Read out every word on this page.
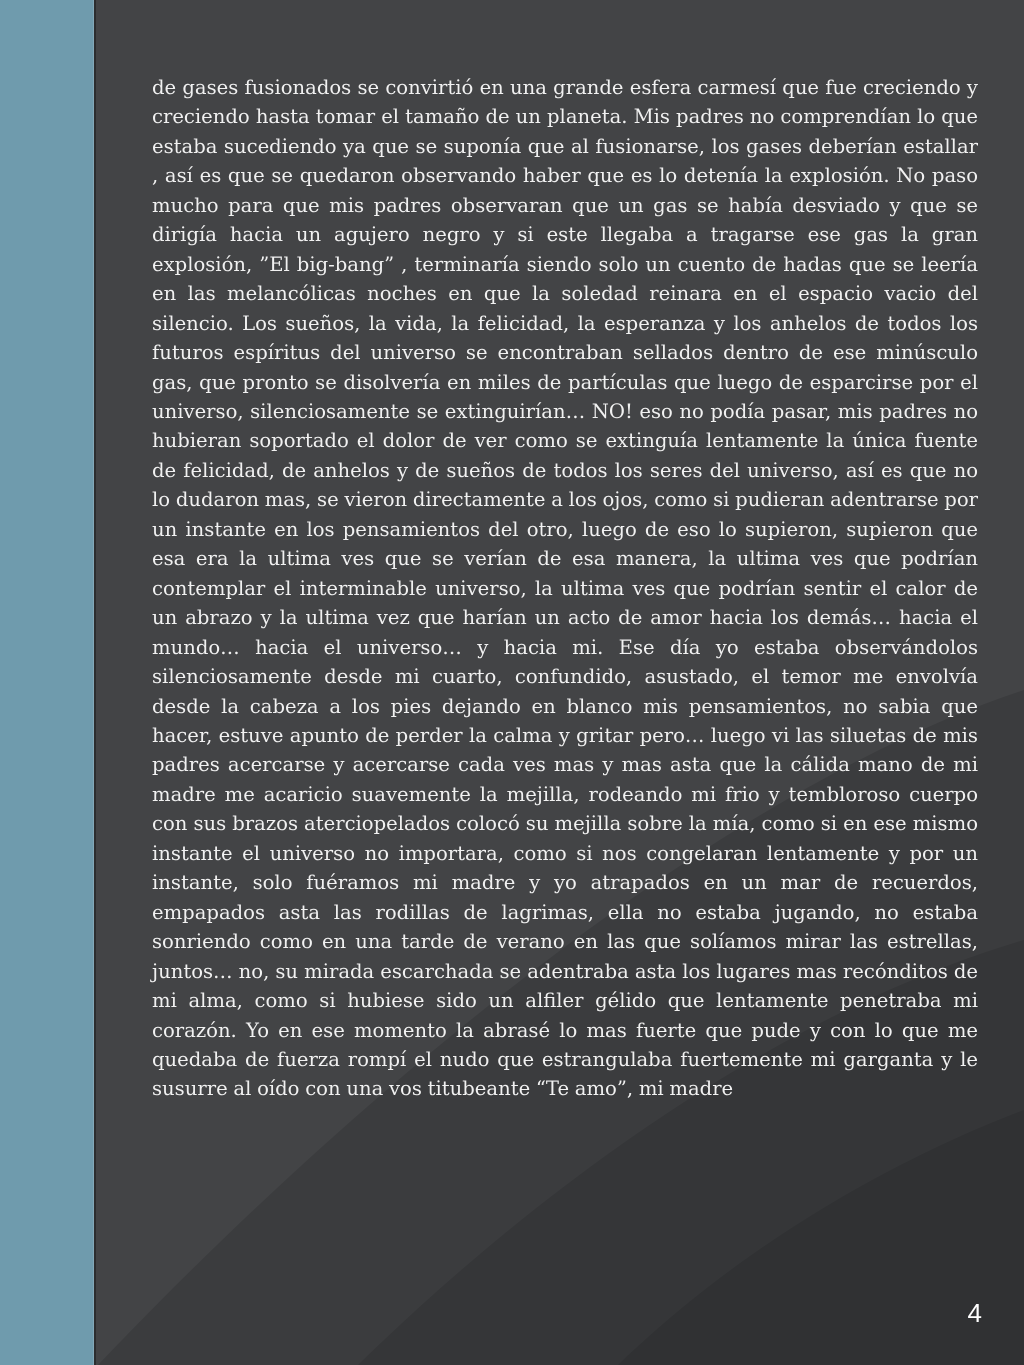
de gases fusionados se convirtió en una grande esfera carmesí que fue creciendo y creciendo hasta tomar el tamaño de un planeta. Mis padres no comprendían lo que estaba sucediendo ya que se suponía que al fusionarse, los gases deberían estallar , así es que se quedaron observando haber que es lo detenía la explosión. No paso mucho para que mis padres observaran que un gas se había desviado y que se dirigía hacia un agujero negro y si este llegaba a tragarse ese gas la gran explosión, ”El big-bang” , terminaría siendo solo un cuento de hadas que se leería en las melancólicas noches en que la soledad reinara en el espacio vacio del silencio. Los sueños, la vida, la felicidad, la esperanza y los anhelos de todos los futuros espíritus del universo se encontraban sellados dentro de ese minúsculo gas, que pronto se disolvería en miles de partículas que luego de esparcirse por el universo, silenciosamente se extinguirían… NO! eso no podía pasar, mis padres no hubieran soportado el dolor de ver como se extinguía lentamente la única fuente de felicidad, de anhelos y de sueños de todos los seres del universo, así es que no lo dudaron mas, se vieron directamente a los ojos, como si pudieran adentrarse por un instante en los pensamientos del otro, luego de eso lo supieron, supieron que esa era la ultima ves que se verían de esa manera, la ultima ves que podrían contemplar el interminable universo, la ultima ves que podrían sentir el calor de un abrazo y la ultima vez que harían un acto de amor hacia los demás… hacia el mundo… hacia el universo… y hacia mi. Ese día yo estaba observándolos silenciosamente desde mi cuarto, confundido, asustado, el temor me envolvía desde la cabeza a los pies dejando en blanco mis pensamientos, no sabia que hacer, estuve apunto de perder la calma y gritar pero… luego vi las siluetas de mis padres acercarse y acercarse cada ves mas y mas asta que la cálida mano de mi madre me acaricio suavemente la mejilla, rodeando mi frio y tembloroso cuerpo con sus brazos aterciopelados colocó su mejilla sobre la mía, como si en ese mismo instante el universo no importara, como si nos congelaran lentamente y por un instante, solo fuéramos mi madre y yo atrapados en un mar de recuerdos, empapados asta las rodillas de lagrimas, ella no estaba jugando, no estaba sonriendo como en una tarde de verano en las que solíamos mirar las estrellas, juntos… no, su mirada escarchada se adentraba asta los lugares mas recónditos de mi alma, como si hubiese sido un alfiler gélido que lentamente penetraba mi corazón. Yo en ese momento la abrasé lo mas fuerte que pude y con lo que me quedaba de fuerza rompí el nudo que estrangulaba fuertemente mi garganta y le susurre al oído con una vos titubeante “Te amo”, mi madre

4
